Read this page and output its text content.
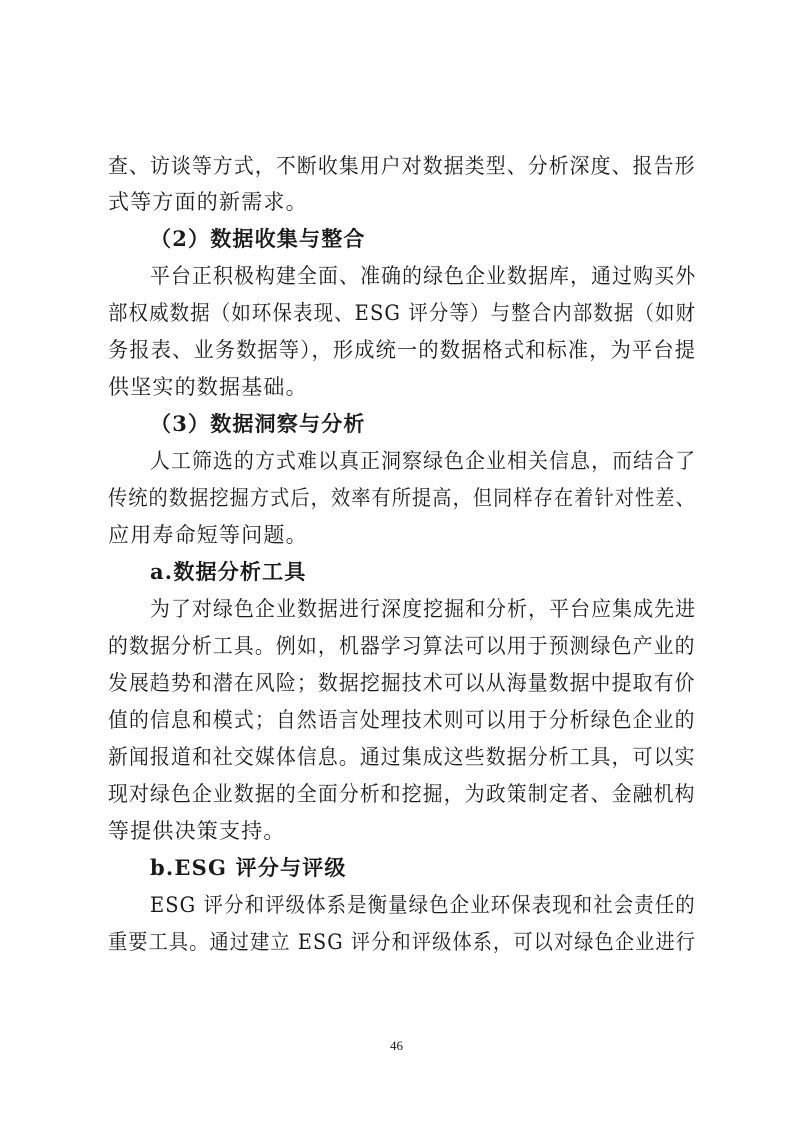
查、访谈等方式，不断收集用户对数据类型、分析深度、报告形
式等方面的新需求。
（2）数据收集与整合
平台正积极构建全面、准确的绿色企业数据库，通过购买外
部权威数据（如环保表现、ESG 评分等）与整合内部数据（如财
务报表、业务数据等），形成统一的数据格式和标准，为平台提
供坚实的数据基础。
（3）数据洞察与分析
人工筛选的方式难以真正洞察绿色企业相关信息，而结合了
传统的数据挖掘方式后，效率有所提高，但同样存在着针对性差、
应用寿命短等问题。
a.数据分析工具
为了对绿色企业数据进行深度挖掘和分析，平台应集成先进
的数据分析工具。例如，机器学习算法可以用于预测绿色产业的
发展趋势和潜在风险；数据挖掘技术可以从海量数据中提取有价
值的信息和模式；自然语言处理技术则可以用于分析绿色企业的
新闻报道和社交媒体信息。通过集成这些数据分析工具，可以实
现对绿色企业数据的全面分析和挖掘，为政策制定者、金融机构
等提供决策支持。
b.ESG 评分与评级
ESG 评分和评级体系是衡量绿色企业环保表现和社会责任的
重要工具。通过建立 ESG 评分和评级体系，可以对绿色企业进行
46
